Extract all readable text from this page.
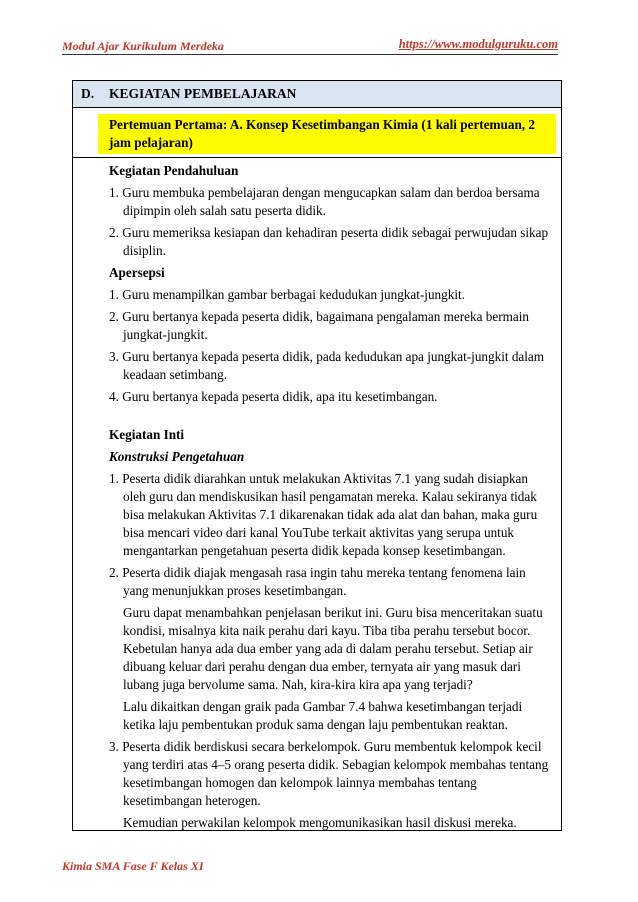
Modul Ajar Kurikulum Merdeka	https://www.modulguruku.com
D. KEGIATAN PEMBELAJARAN
Pertemuan Pertama: A. Konsep Kesetimbangan Kimia (1 kali pertemuan, 2
jam pelajaran)
Kegiatan Pendahuluan
1. Guru membuka pembelajaran dengan mengucapkan salam dan berdoa bersama dipimpin oleh salah satu peserta didik.
2. Guru memeriksa kesiapan dan kehadiran peserta didik sebagai perwujudan sikap disiplin.
Apersepsi
1. Guru menampilkan gambar berbagai kedudukan jungkat-jungkit.
2. Guru bertanya kepada peserta didik, bagaimana pengalaman mereka bermain jungkat-jungkit.
3. Guru bertanya kepada peserta didik, pada kedudukan apa jungkat-jungkit dalam keadaan setimbang.
4. Guru bertanya kepada peserta didik, apa itu kesetimbangan.
Kegiatan Inti
Konstruksi Pengetahuan
1. Peserta didik diarahkan untuk melakukan Aktivitas 7.1 yang sudah disiapkan oleh guru dan mendiskusikan hasil pengamatan mereka. Kalau sekiranya tidak bisa melakukan Aktivitas 7.1 dikarenakan tidak ada alat dan bahan, maka guru bisa mencari video dari kanal YouTube terkait aktivitas yang serupa untuk mengantarkan pengetahuan peserta didik kepada konsep kesetimbangan.
2. Peserta didik diajak mengasah rasa ingin tahu mereka tentang fenomena lain yang menunjukkan proses kesetimbangan.
Guru dapat menambahkan penjelasan berikut ini. Guru bisa menceritakan suatu kondisi, misalnya kita naik perahu dari kayu. Tiba tiba perahu tersebut bocor. Kebetulan hanya ada dua ember yang ada di dalam perahu tersebut. Setiap air dibuang keluar dari perahu dengan dua ember, ternyata air yang masuk dari lubang juga bervolume sama. Nah, kira-kira kira apa yang terjadi?
Lalu dikaitkan dengan graik pada Gambar 7.4 bahwa kesetimbangan terjadi ketika laju pembentukan produk sama dengan laju pembentukan reaktan.
3. Peserta didik berdiskusi secara berkelompok. Guru membentuk kelompok kecil yang terdiri atas 4–5 orang peserta didik. Sebagian kelompok membahas tentang kesetimbangan homogen dan kelompok lainnya membahas tentang kesetimbangan heterogen.
Kemudian perwakilan kelompok mengomunikasikan hasil diskusi mereka.
Kimia SMA Fase F Kelas XI
